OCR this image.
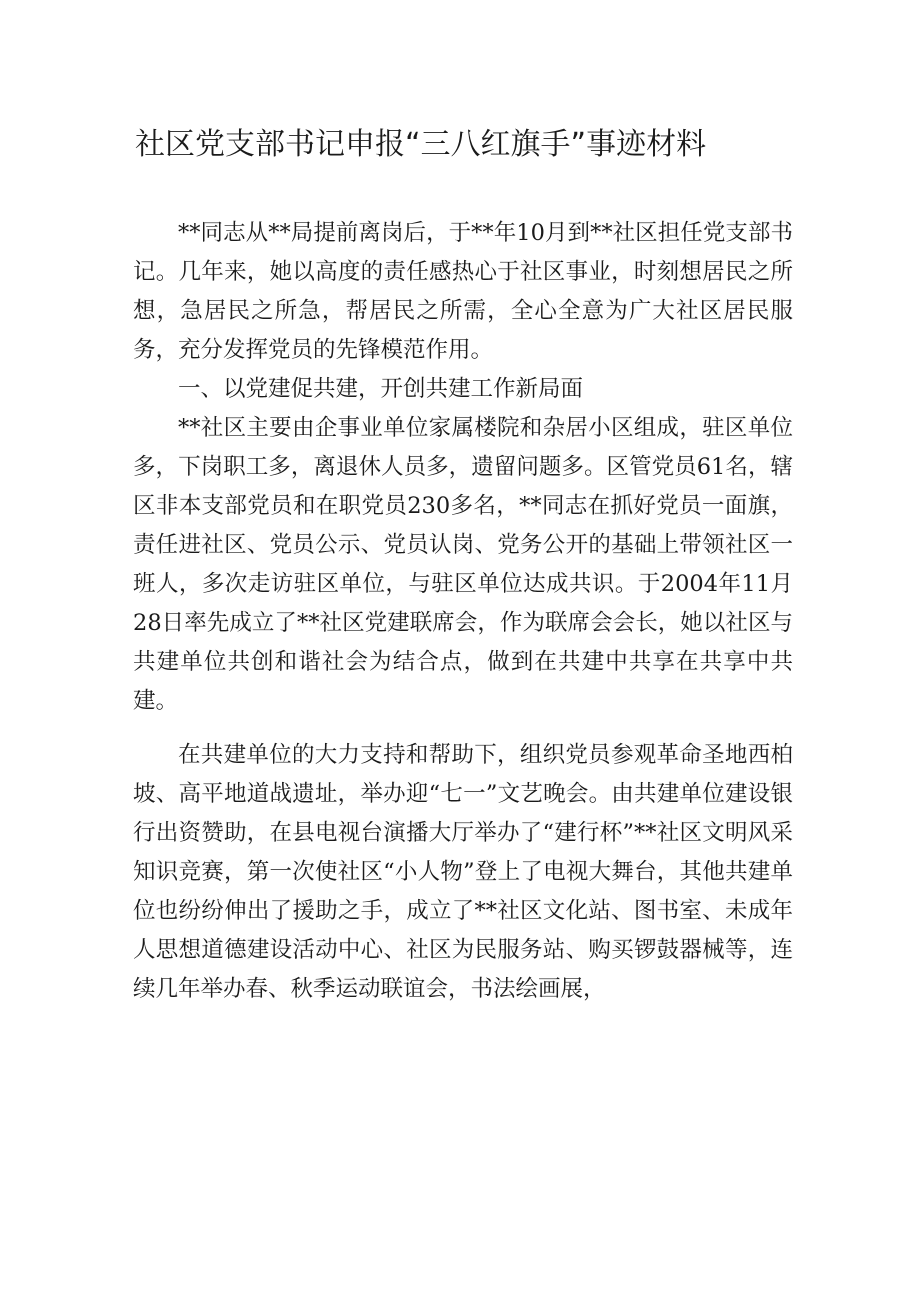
社区党支部书记申报“三八红旗手”事迹材料

**同志从**局提前离岗后，于**年10月到**社区担任党支部书记。几年来，她以高度的责任感热心于社区事业，时刻想居民之所想，急居民之所急，帮居民之所需，全心全意为广大社区居民服务，充分发挥党员的先锋模范作用。

一、以党建促共建，开创共建工作新局面

**社区主要由企事业单位家属楼院和杂居小区组成，驻区单位多，下岗职工多，离退休人员多，遗留问题多。区管党员61名，辖区非本支部党员和在职党员230多名，**同志在抓好党员一面旗，责任进社区、党员公示、党员认岗、党务公开的基础上带领社区一班人，多次走访驻区单位，与驻区单位达成共识。于2004年11月28日率先成立了**社区党建联席会，作为联席会会长，她以社区与共建单位共创和谐社会为结合点，做到在共建中共享在共享中共建。

在共建单位的大力支持和帮助下，组织党员参观革命圣地西柏坡、高平地道战遗址，举办迎“七一”文艺晚会。由共建单位建设银行出资赞助，在县电视台演播大厅举办了“建行杯”**社区文明风采知识竞赛，第一次使社区“小人物”登上了电视大舞台，其他共建单位也纷纷伸出了援助之手，成立了**社区文化站、图书室、未成年人思想道德建设活动中心、社区为民服务站、购买锣鼓器械等，连续几年举办春、秋季运动联谊会，书法绘画展，
